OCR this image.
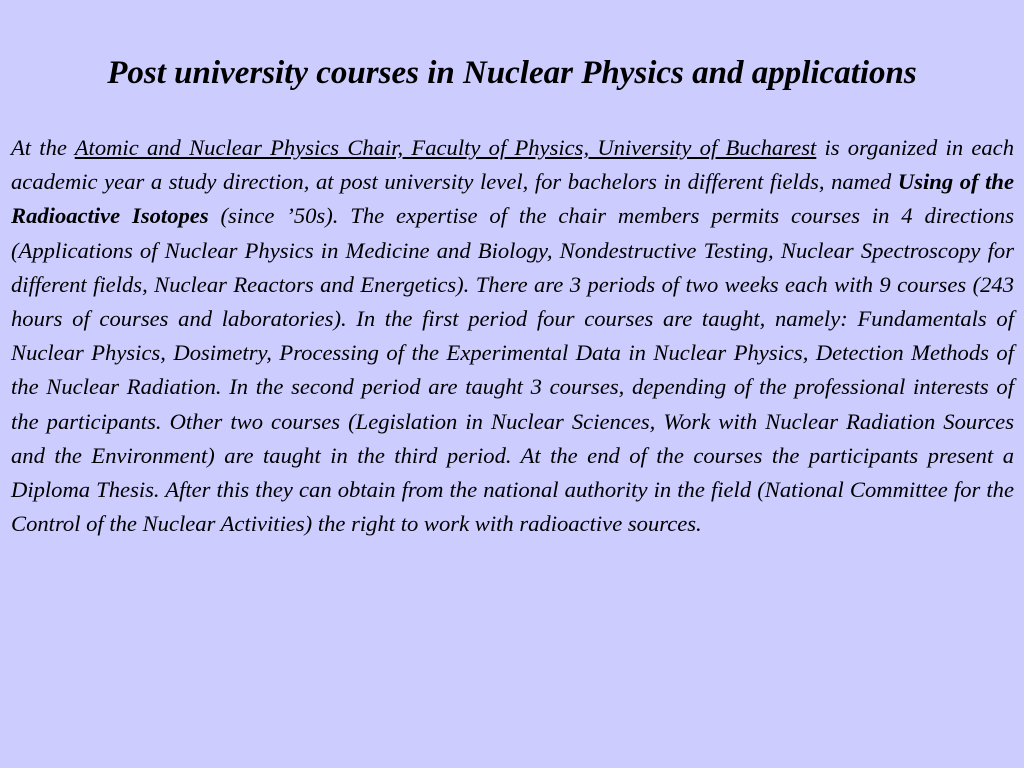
Post university courses in Nuclear Physics and applications

At the Atomic and Nuclear Physics Chair, Faculty of Physics, University of Bucharest is organized in each academic year a study direction, at post university level, for bachelors in different fields, named Using of the Radioactive Isotopes (since ’50s). The expertise of the chair members permits courses in 4 directions (Applications of Nuclear Physics in Medicine and Biology, Nondestructive Testing, Nuclear Spectroscopy for different fields, Nuclear Reactors and Energetics). There are 3 periods of two weeks each with 9 courses (243 hours of courses and laboratories). In the first period four courses are taught, namely: Fundamentals of Nuclear Physics, Dosimetry, Processing of the Experimental Data in Nuclear Physics, Detection Methods of the Nuclear Radiation. In the second period are taught 3 courses, depending of the professional interests of the participants. Other two courses (Legislation in Nuclear Sciences, Work with Nuclear Radiation Sources and the Environment) are taught in the third period. At the end of the courses the participants present a Diploma Thesis. After this they can obtain from the national authority in the field (National Committee for the Control of the Nuclear Activities) the right to work with radioactive sources.
